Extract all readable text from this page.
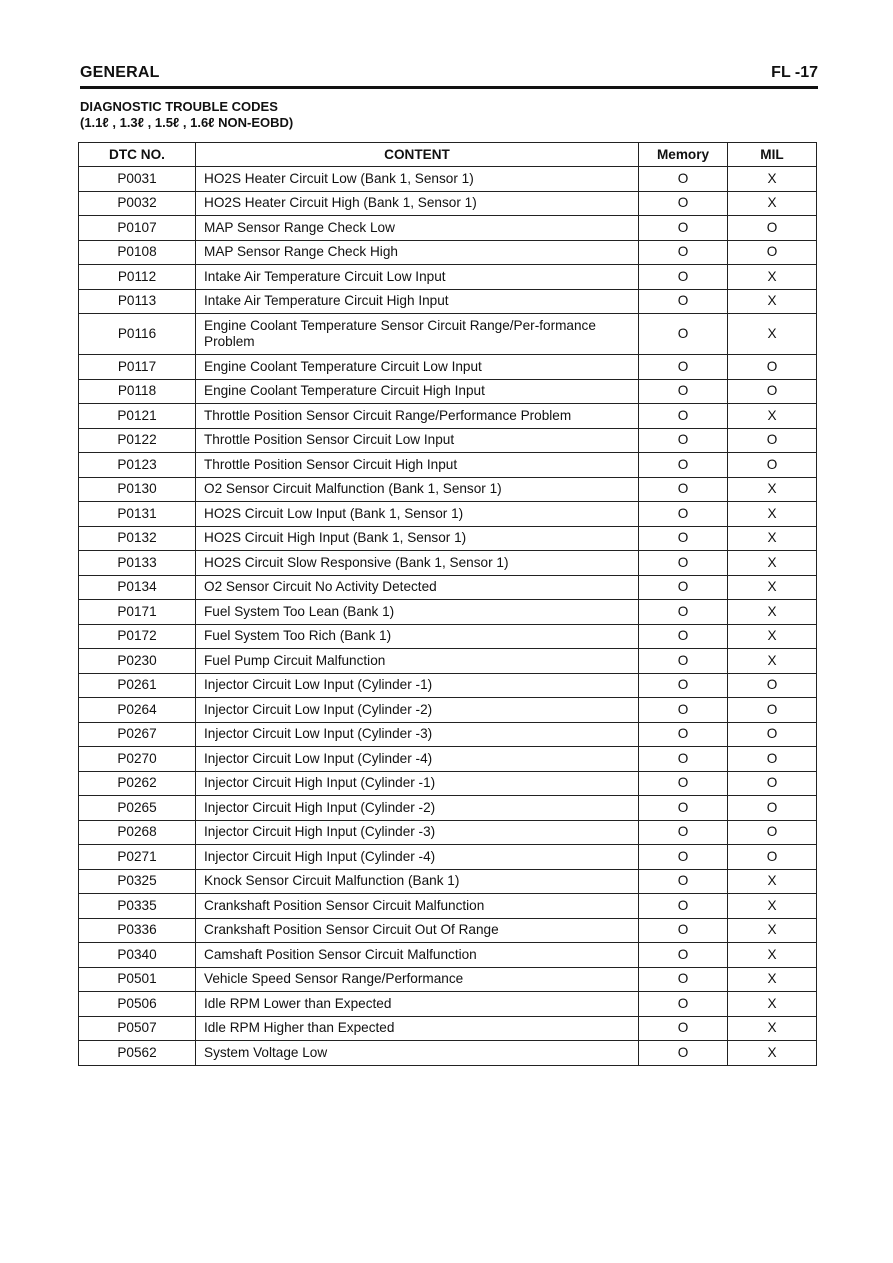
GENERAL	FL -17
DIAGNOSTIC TROUBLE CODES
(1.1ℓ , 1.3ℓ , 1.5ℓ , 1.6ℓ NON-EOBD)
DTC NO.	CONTENT	Memory	MIL
P0031	HO2S Heater Circuit Low (Bank 1, Sensor 1)	O	X
P0032	HO2S Heater Circuit High (Bank 1, Sensor 1)	O	X
P0107	MAP Sensor Range Check Low	O	O
P0108	MAP Sensor Range Check High	O	O
P0112	Intake Air Temperature Circuit Low Input	O	X
P0113	Intake Air Temperature Circuit High Input	O	X
P0116	Engine Coolant Temperature Sensor Circuit Range/Per-formance Problem	O	X
P0117	Engine Coolant Temperature Circuit Low Input	O	O
P0118	Engine Coolant Temperature Circuit High Input	O	O
P0121	Throttle Position Sensor Circuit Range/Performance Problem	O	X
P0122	Throttle Position Sensor Circuit Low Input	O	O
P0123	Throttle Position Sensor Circuit High Input	O	O
P0130	O2 Sensor Circuit Malfunction (Bank 1, Sensor 1)	O	X
P0131	HO2S Circuit Low Input (Bank 1, Sensor 1)	O	X
P0132	HO2S Circuit High Input (Bank 1, Sensor 1)	O	X
P0133	HO2S Circuit Slow Responsive (Bank 1, Sensor 1)	O	X
P0134	O2 Sensor Circuit No Activity Detected	O	X
P0171	Fuel System Too Lean (Bank 1)	O	X
P0172	Fuel System Too Rich (Bank 1)	O	X
P0230	Fuel Pump Circuit Malfunction	O	X
P0261	Injector Circuit Low Input (Cylinder -1)	O	O
P0264	Injector Circuit Low Input (Cylinder -2)	O	O
P0267	Injector Circuit Low Input (Cylinder -3)	O	O
P0270	Injector Circuit Low Input (Cylinder -4)	O	O
P0262	Injector Circuit High Input (Cylinder -1)	O	O
P0265	Injector Circuit High Input (Cylinder -2)	O	O
P0268	Injector Circuit High Input (Cylinder -3)	O	O
P0271	Injector Circuit High Input (Cylinder -4)	O	O
P0325	Knock Sensor Circuit Malfunction (Bank 1)	O	X
P0335	Crankshaft Position Sensor Circuit Malfunction	O	X
P0336	Crankshaft Position Sensor Circuit Out Of Range	O	X
P0340	Camshaft Position Sensor Circuit Malfunction	O	X
P0501	Vehicle Speed Sensor Range/Performance	O	X
P0506	Idle RPM Lower than Expected	O	X
P0507	Idle RPM Higher than Expected	O	X
P0562	System Voltage Low	O	X
